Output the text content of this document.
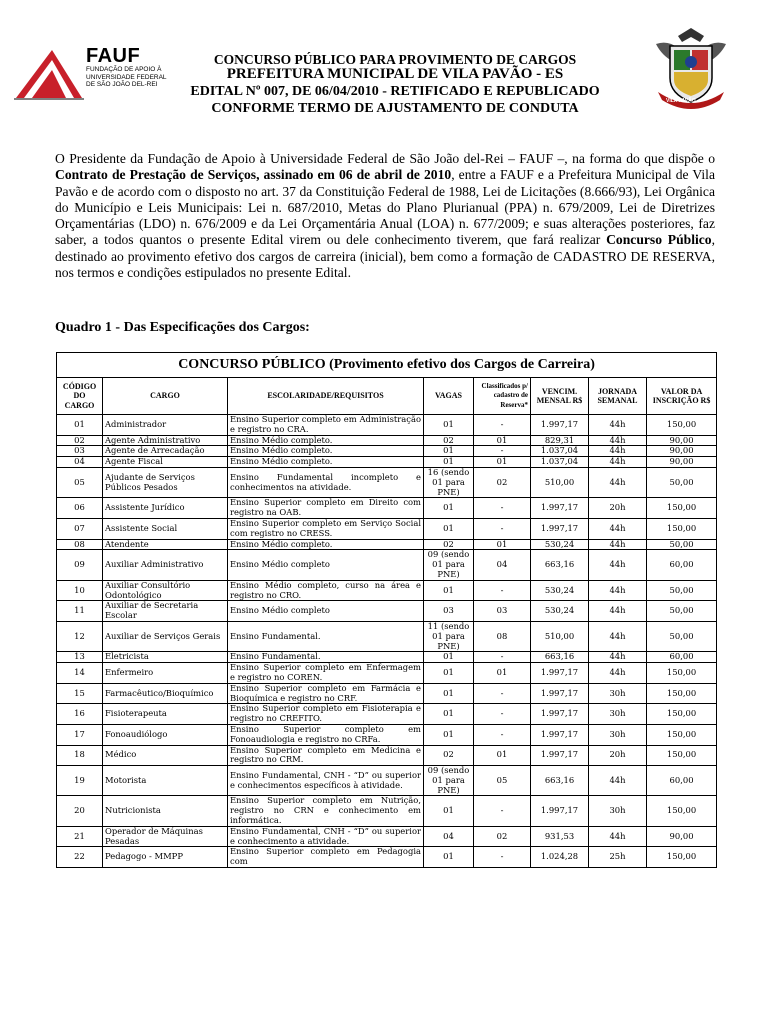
FAUF
FUNDAÇÃO DE APOIO À
UNIVERSIDADE FEDERAL
DE SÃO JOÃO DEL-REI
CONCURSO PÚBLICO PARA PROVIMENTO DE CARGOS
PREFEITURA MUNICIPAL DE VILA PAVÃO - ES
EDITAL Nº 007, DE 06/04/2010 - RETIFICADO E REPUBLICADO
CONFORME TERMO DE AJUSTAMENTO DE CONDUTA	VILA PAVÃO
O Presidente da Fundação de Apoio à Universidade Federal de São João del-Rei – FAUF –, na forma do que dispõe o Contrato de Prestação de Serviços, assinado em 06 de abril de 2010, entre a FAUF e a Prefeitura Municipal de Vila Pavão e de acordo com o disposto no art. 37 da Constituição Federal de 1988, Lei de Licitações (8.666/93), Lei Orgânica do Município e Leis Municipais: Lei n. 687/2010, Metas do Plano Plurianual (PPA) n. 679/2009, Lei de Diretrizes Orçamentárias (LDO) n. 676/2009 e da Lei Orçamentária Anual (LOA) n. 677/2009; e suas alterações posteriores, faz saber, a todos quantos o presente Edital virem ou dele conhecimento tiverem, que fará realizar Concurso Público, destinado ao provimento efetivo dos cargos de carreira (inicial), bem como a formação de CADASTRO DE RESERVA, nos termos e condições estipulados no presente Edital.
Quadro 1 - Das Especificações dos Cargos:
CONCURSO PÚBLICO (Provimento efetivo dos Cargos de Carreira)							
CÓDIGO DO CARGO	CARGO	ESCOLARIDADE/REQUISITOS	VAGAS	Classificados p/ cadastro de Reserva*	VENCIM. MENSAL R$	JORNADA SEMANAL	VALOR DA INSCRIÇÃO R$
01	Administrador	Ensino Superior completo em Administração e registro no CRA.	01	-	1.997,17	44h	150,00
02	Agente Administrativo	Ensino Médio completo.	02	01	829,31	44h	90,00
03	Agente de Arrecadação	Ensino Médio completo.	01	-	1.037,04	44h	90,00
04	Agente Fiscal	Ensino Médio completo.	01	01	1.037,04	44h	90,00
05	Ajudante de Serviços Públicos Pesados	Ensino Fundamental incompleto e conhecimentos na atividade.	16 (sendo 01 para PNE)	02	510,00	44h	50,00
06	Assistente Jurídico	Ensino Superior completo em Direito com registro na OAB.	01	-	1.997,17	20h	150,00
07	Assistente Social	Ensino Superior completo em Serviço Social com registro no CRESS.	01	-	1.997,17	44h	150,00
08	Atendente	Ensino Médio completo.	02	01	530,24	44h	50,00
09	Auxiliar Administrativo	Ensino Médio completo	09 (sendo 01 para PNE)	04	663,16	44h	60,00
10	Auxiliar Consultório Odontológico	Ensino Médio completo, curso na área e registro no CRO.	01	-	530,24	44h	50,00
11	Auxiliar de Secretaria Escolar	Ensino Médio completo	03	03	530,24	44h	50,00
12	Auxiliar de Serviços Gerais	Ensino Fundamental.	11 (sendo 01 para PNE)	08	510,00	44h	50,00
13	Eletricista	Ensino Fundamental.	01	-	663,16	44h	60,00
14	Enfermeiro	Ensino Superior completo em Enfermagem e registro no COREN.	01	01	1.997,17	44h	150,00
15	Farmacêutico/Bioquímico	Ensino Superior completo em Farmácia e Bioquímica e registro no CRF.	01	-	1.997,17	30h	150,00
16	Fisioterapeuta	Ensino Superior completo em Fisioterapia e registro no CREFITO.	01	-	1.997,17	30h	150,00
17	Fonoaudiólogo	Ensino Superior completo em Fonoaudiologia e registro no CRFa.	01	-	1.997,17	30h	150,00
18	Médico	Ensino Superior completo em Medicina e registro no CRM.	02	01	1.997,17	20h	150,00
19	Motorista	Ensino Fundamental, CNH - “D” ou superior e conhecimentos específicos à atividade.	09 (sendo 01 para PNE)	05	663,16	44h	60,00
20	Nutricionista	Ensino Superior completo em Nutrição, registro no CRN e conhecimento em informática.	01	-	1.997,17	30h	150,00
21	Operador de Máquinas Pesadas	Ensino Fundamental, CNH - “D” ou superior e conhecimento a atividade.	04	02	931,53	44h	90,00
22	Pedagogo - MMPP	Ensino Superior completo em Pedagogia com	01	-	1.024,28	25h	150,00
